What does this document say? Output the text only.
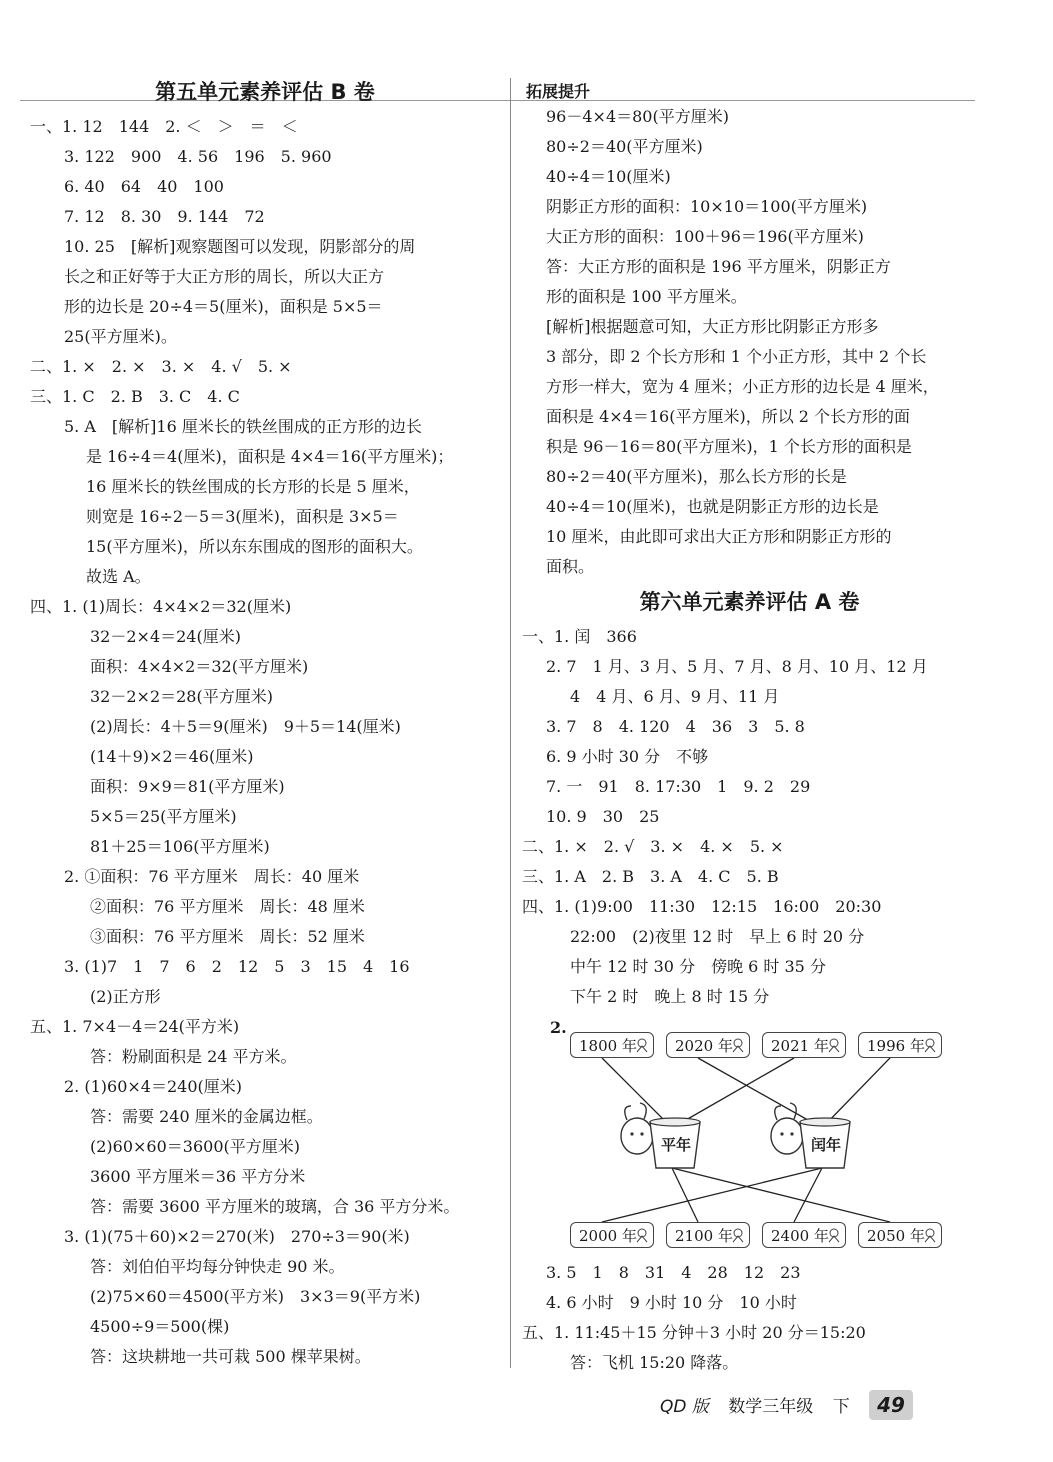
第五单元素养评估 B 卷
一、1. 12　144　2. ＜　＞　＝　＜
3. 122　900　4. 56　196　5. 960
6. 40　64　40　100
7. 12　8. 30　9. 144　72
10. 25　[解析]观察题图可以发现，阴影部分的周
长之和正好等于大正方形的周长，所以大正方
形的边长是 20÷4＝5(厘米)，面积是 5×5＝
25(平方厘米)。
二、1. ×　2. ×　3. ×　4. √　5. ×
三、1. C　2. B　3. C　4. C
5. A　[解析]16 厘米长的铁丝围成的正方形的边长
是 16÷4＝4(厘米)，面积是 4×4＝16(平方厘米)；
16 厘米长的铁丝围成的长方形的长是 5 厘米，
则宽是 16÷2－5＝3(厘米)，面积是 3×5＝
15(平方厘米)，所以东东围成的图形的面积大。
故选 A。
四、1. (1)周长：4×4×2＝32(厘米)
32－2×4＝24(厘米)
面积：4×4×2＝32(平方厘米)
32－2×2＝28(平方厘米)
(2)周长：4＋5＝9(厘米)　9＋5＝14(厘米)
(14＋9)×2＝46(厘米)
面积：9×9＝81(平方厘米)
5×5＝25(平方厘米)
81＋25＝106(平方厘米)
2. ①面积：76 平方厘米　周长：40 厘米
②面积：76 平方厘米　周长：48 厘米
③面积：76 平方厘米　周长：52 厘米
3. (1)7　1　7　6　2　12　5　3　15　4　16
(2)正方形
五、1. 7×4－4＝24(平方米)
答：粉刷面积是 24 平方米。
2. (1)60×4＝240(厘米)
答：需要 240 厘米的金属边框。
(2)60×60＝3600(平方厘米)
3600 平方厘米＝36 平方分米
答：需要 3600 平方厘米的玻璃，合 36 平方分米。
3. (1)(75＋60)×2＝270(米)　270÷3＝90(米)
答：刘伯伯平均每分钟快走 90 米。
(2)75×60＝4500(平方米)　3×3＝9(平方米)
4500÷9＝500(棵)
答：这块耕地一共可栽 500 棵苹果树。
拓展提升
96－4×4＝80(平方厘米)
80÷2＝40(平方厘米)
40÷4＝10(厘米)
阴影正方形的面积：10×10＝100(平方厘米)
大正方形的面积：100＋96＝196(平方厘米)
答：大正方形的面积是 196 平方厘米，阴影正方
形的面积是 100 平方厘米。
[解析]根据题意可知，大正方形比阴影正方形多
3 部分，即 2 个长方形和 1 个小正方形，其中 2 个长
方形一样大，宽为 4 厘米；小正方形的边长是 4 厘米，
面积是 4×4＝16(平方厘米)，所以 2 个长方形的面
积是 96－16＝80(平方厘米)，1 个长方形的面积是
80÷2＝40(平方厘米)，那么长方形的长是
40÷4＝10(厘米)，也就是阴影正方形的边长是
10 厘米，由此即可求出大正方形和阴影正方形的
面积。
第六单元素养评估 A 卷
一、1. 闰　366
2. 7　1 月、3 月、5 月、7 月、8 月、10 月、12 月
4　4 月、6 月、9 月、11 月
3. 7　8　4. 120　4　36　3　5. 8
6. 9 小时 30 分　不够
7. 一　91　8. 17:30　1　9. 2　29
10. 9　30　25
二、1. ×　2. √　3. ×　4. ×　5. ×
三、1. A　2. B　3. A　4. C　5. B
四、1. (1)9:00　11:30　12:15　16:00　20:30
22:00　(2)夜里 12 时　早上 6 时 20 分
中午 12 时 30 分　傍晚 6 时 35 分
下午 2 时　晚上 8 时 15 分
2.
平年	闰年
1800 年	2020 年	2021 年	1996 年
2000 年	2100 年	2400 年	2050 年
3. 5　1　8　31　4　28　12　23
4. 6 小时　9 小时 10 分　10 小时
五、1. 11:45＋15 分钟＋3 小时 20 分＝15:20
答：飞机 15:20 降落。
QD 版 数学三年级 下 49
